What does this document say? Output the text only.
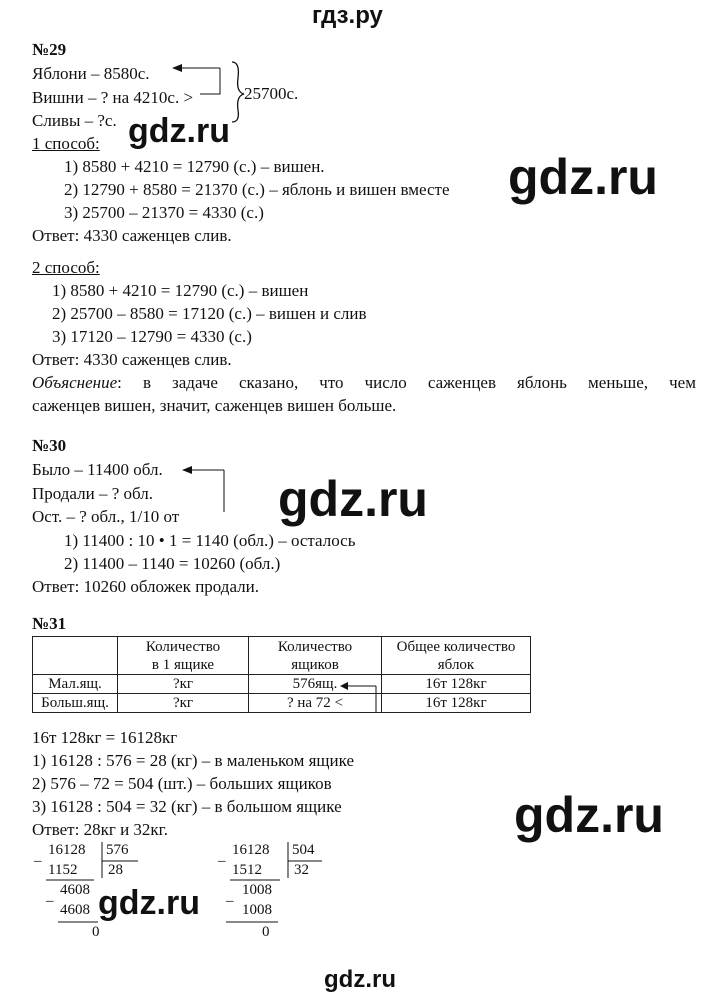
гдз.ру
№29
Яблони – 8580с.
Вишни – ? на 4210с. >
Сливы – ?с.
25700с.
1 способ:
1) 8580 + 4210 = 12790 (с.) – вишен.
2) 12790 + 8580 = 21370 (с.) – яблонь и вишен вместе
3) 25700 – 21370 = 4330 (с.)
Ответ: 4330 саженцев слив.
2 способ:
1) 8580 + 4210 = 12790 (с.) – вишен
2) 25700 – 8580 = 17120 (с.) – вишен и слив
3) 17120 – 12790 = 4330 (с.)
Ответ: 4330 саженцев слив.
Объяснение: в задаче сказано, что число саженцев яблонь меньше, чем
саженцев вишен, значит, саженцев вишен больше.
№30
Было – 11400 обл.
Продали – ? обл.
Ост. – ? обл., 1/10 от
1) 11400 : 10 • 1 = 1140 (обл.) – осталось
2) 11400 – 1140 = 10260 (обл.)
Ответ: 10260 обложек продали.
№31
	Количество
в 1 ящике	Количество
ящиков	Общее количество
яблок
Мал.ящ.	?кг	576ящ.	16т 128кг
Больш.ящ.	?кг	? на 72 <	16т 128кг
16т 128кг = 16128кг
1) 16128 : 576 = 28 (кг) – в маленьком ящике
2) 576 – 72 = 504 (шт.) – больших ящиков
3) 16128 : 504 = 32 (кг) – в большом ящике
Ответ: 28кг и 32кг.
_ 16128 576
1152 28
_ 4608
4608
0
_ 16128 504
1512 32
_ 1008
1008
0
gdz.ru
gdz.ru
gdz.ru
gdz.ru
gdz.ru
gdz.ru
